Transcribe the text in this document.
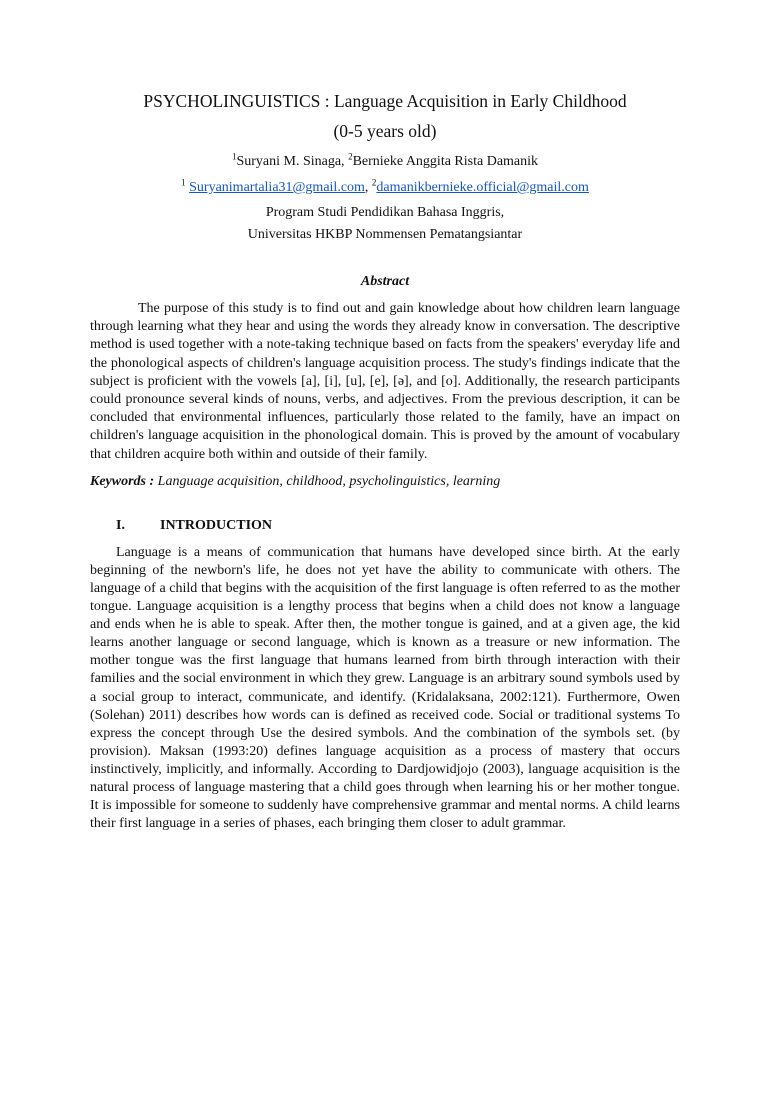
PSYCHOLINGUISTICS : Language Acquisition in Early Childhood
(0-5 years old)
$^1$Suryani M. Sinaga, $^2$Bernieke Anggita Rista Damanik
$^1$ Suryanimartalia31@gmail.com, $^2$damanikbernieke.official@gmail.com
Program Studi Pendidikan Bahasa Inggris,
Universitas HKBP Nommensen Pematangsiantar
Abstract

The purpose of this study is to find out and gain knowledge about how children learn language through learning what they hear and using the words they already know in conversation. The descriptive method is used together with a note-taking technique based on facts from the speakers' everyday life and the phonological aspects of children's language acquisition process. The study's findings indicate that the subject is proficient with the vowels [a], [i], [u], [e], [ə], and [o]. Additionally, the research participants could pronounce several kinds of nouns, verbs, and adjectives. From the previous description, it can be concluded that environmental influences, particularly those related to the family, have an impact on children's language acquisition in the phonological domain. This is proved by the amount of vocabulary that children acquire both within and outside of their family.

Keywords : Language acquisition, childhood, psycholinguistics, learning
I.	INTRODUCTION

Language is a means of communication that humans have developed since birth. At the early beginning of the newborn's life, he does not yet have the ability to communicate with others. The language of a child that begins with the acquisition of the first language is often referred to as the mother tongue. Language acquisition is a lengthy process that begins when a child does not know a language and ends when he is able to speak. After then, the mother tongue is gained, and at a given age, the kid learns another language or second language, which is known as a treasure or new information. The mother tongue was the first language that humans learned from birth through interaction with their families and the social environment in which they grew. Language is an arbitrary sound symbols used by a social group to interact, communicate, and identify. (Kridalaksana, 2002:121). Furthermore, Owen (Solehan) 2011) describes how words can is defined as received code. Social or traditional systems To express the concept through Use the desired symbols. And the combination of the symbols set. (by provision). Maksan (1993:20) defines language acquisition as a process of mastery that occurs instinctively, implicitly, and informally. According to Dardjowidjojo (2003), language acquisition is the natural process of language mastering that a child goes through when learning his or her mother tongue. It is impossible for someone to suddenly have comprehensive grammar and mental norms. A child learns their first language in a series of phases, each bringing them closer to adult grammar.
